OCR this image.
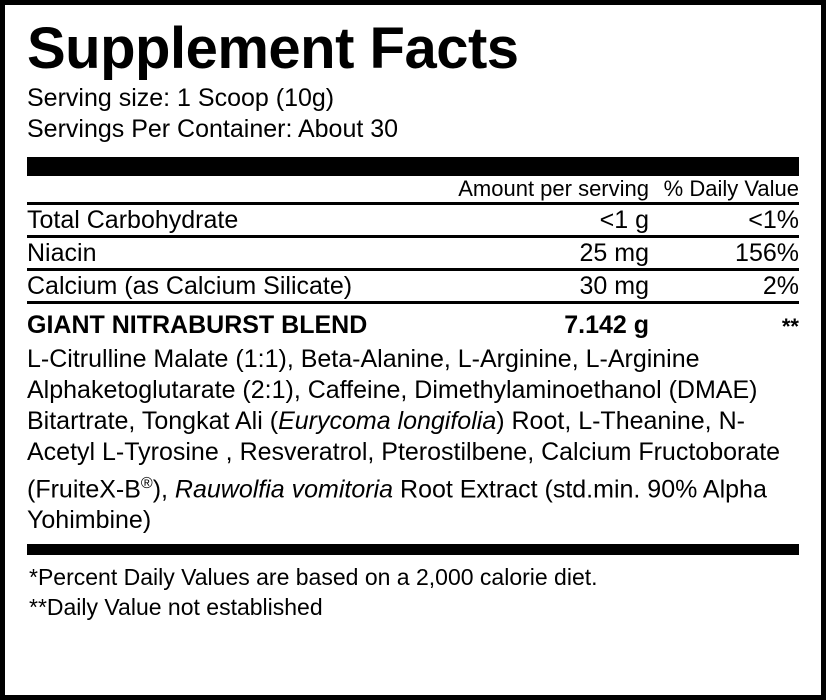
Supplement Facts
Serving size: 1 Scoop (10g)
Servings Per Container: About 30
	Amount per serving	% Daily Value

Total Carbohydrate	<1 g	<1%

Niacin	25 mg	156%

Calcium (as Calcium Silicate)	30 mg	2%

GIANT NITRABURST BLEND	7.142 g	**
L-Citrulline Malate (1:1), Beta-Alanine, L-Arginine, L-Arginine Alphaketoglutarate (2:1), Caffeine, Dimethylaminoethanol (DMAE) Bitartrate, Tongkat Ali (Eurycoma longifolia) Root, L-Theanine, N-Acetyl L-Tyrosine , Resveratrol, Pterostilbene, Calcium Fructoborate (FruiteX-B®), Rauwolfia vomitoria Root Extract (std.min. 90% Alpha Yohimbine)
*Percent Daily Values are based on a 2,000 calorie diet.
**Daily Value not established
